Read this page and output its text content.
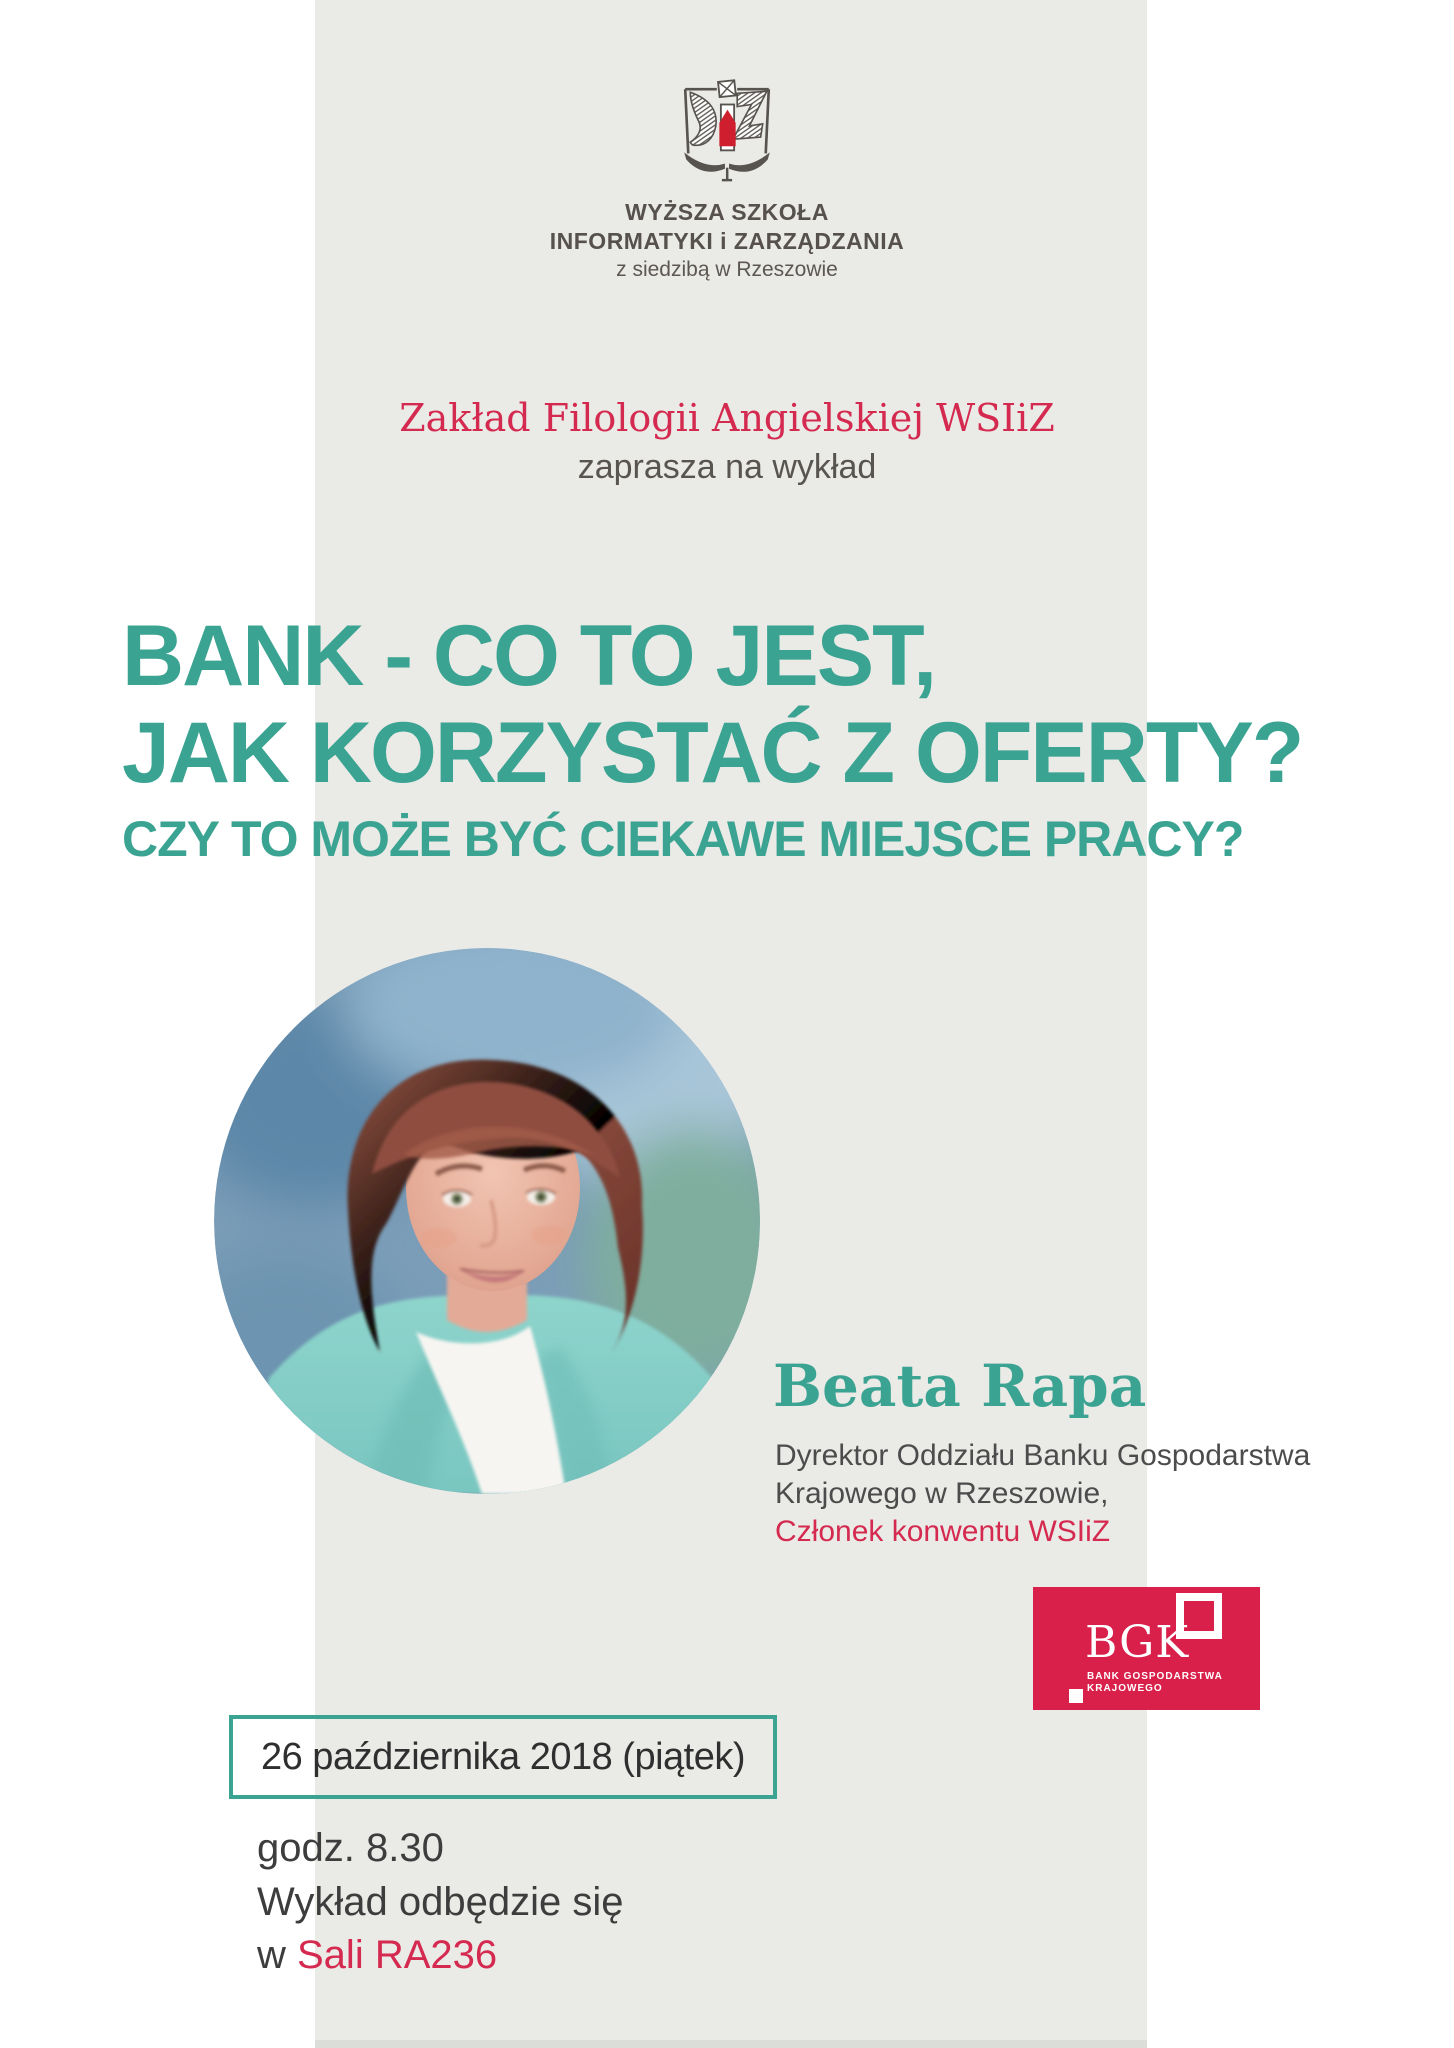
WYŻSZA SZKOŁA
INFORMATYKI i ZARZĄDZANIA
z siedzibą w Rzeszowie
Zakład Filologii Angielskiej WSIiZ
zaprasza na wykład
BANK - CO TO JEST,
JAK KORZYSTAĆ Z OFERTY?
CZY TO MOŻE BYĆ CIEKAWE MIEJSCE PRACY?
Beata Rapa
Dyrektor Oddziału Banku Gospodarstwa
Krajowego w Rzeszowie,
Członek konwentu WSIiZ
BGK
BANK GOSPODARSTWA
KRAJOWEGO
26 października 2018 (piątek)
godz. 8.30
Wykład odbędzie się
w Sali RA236
